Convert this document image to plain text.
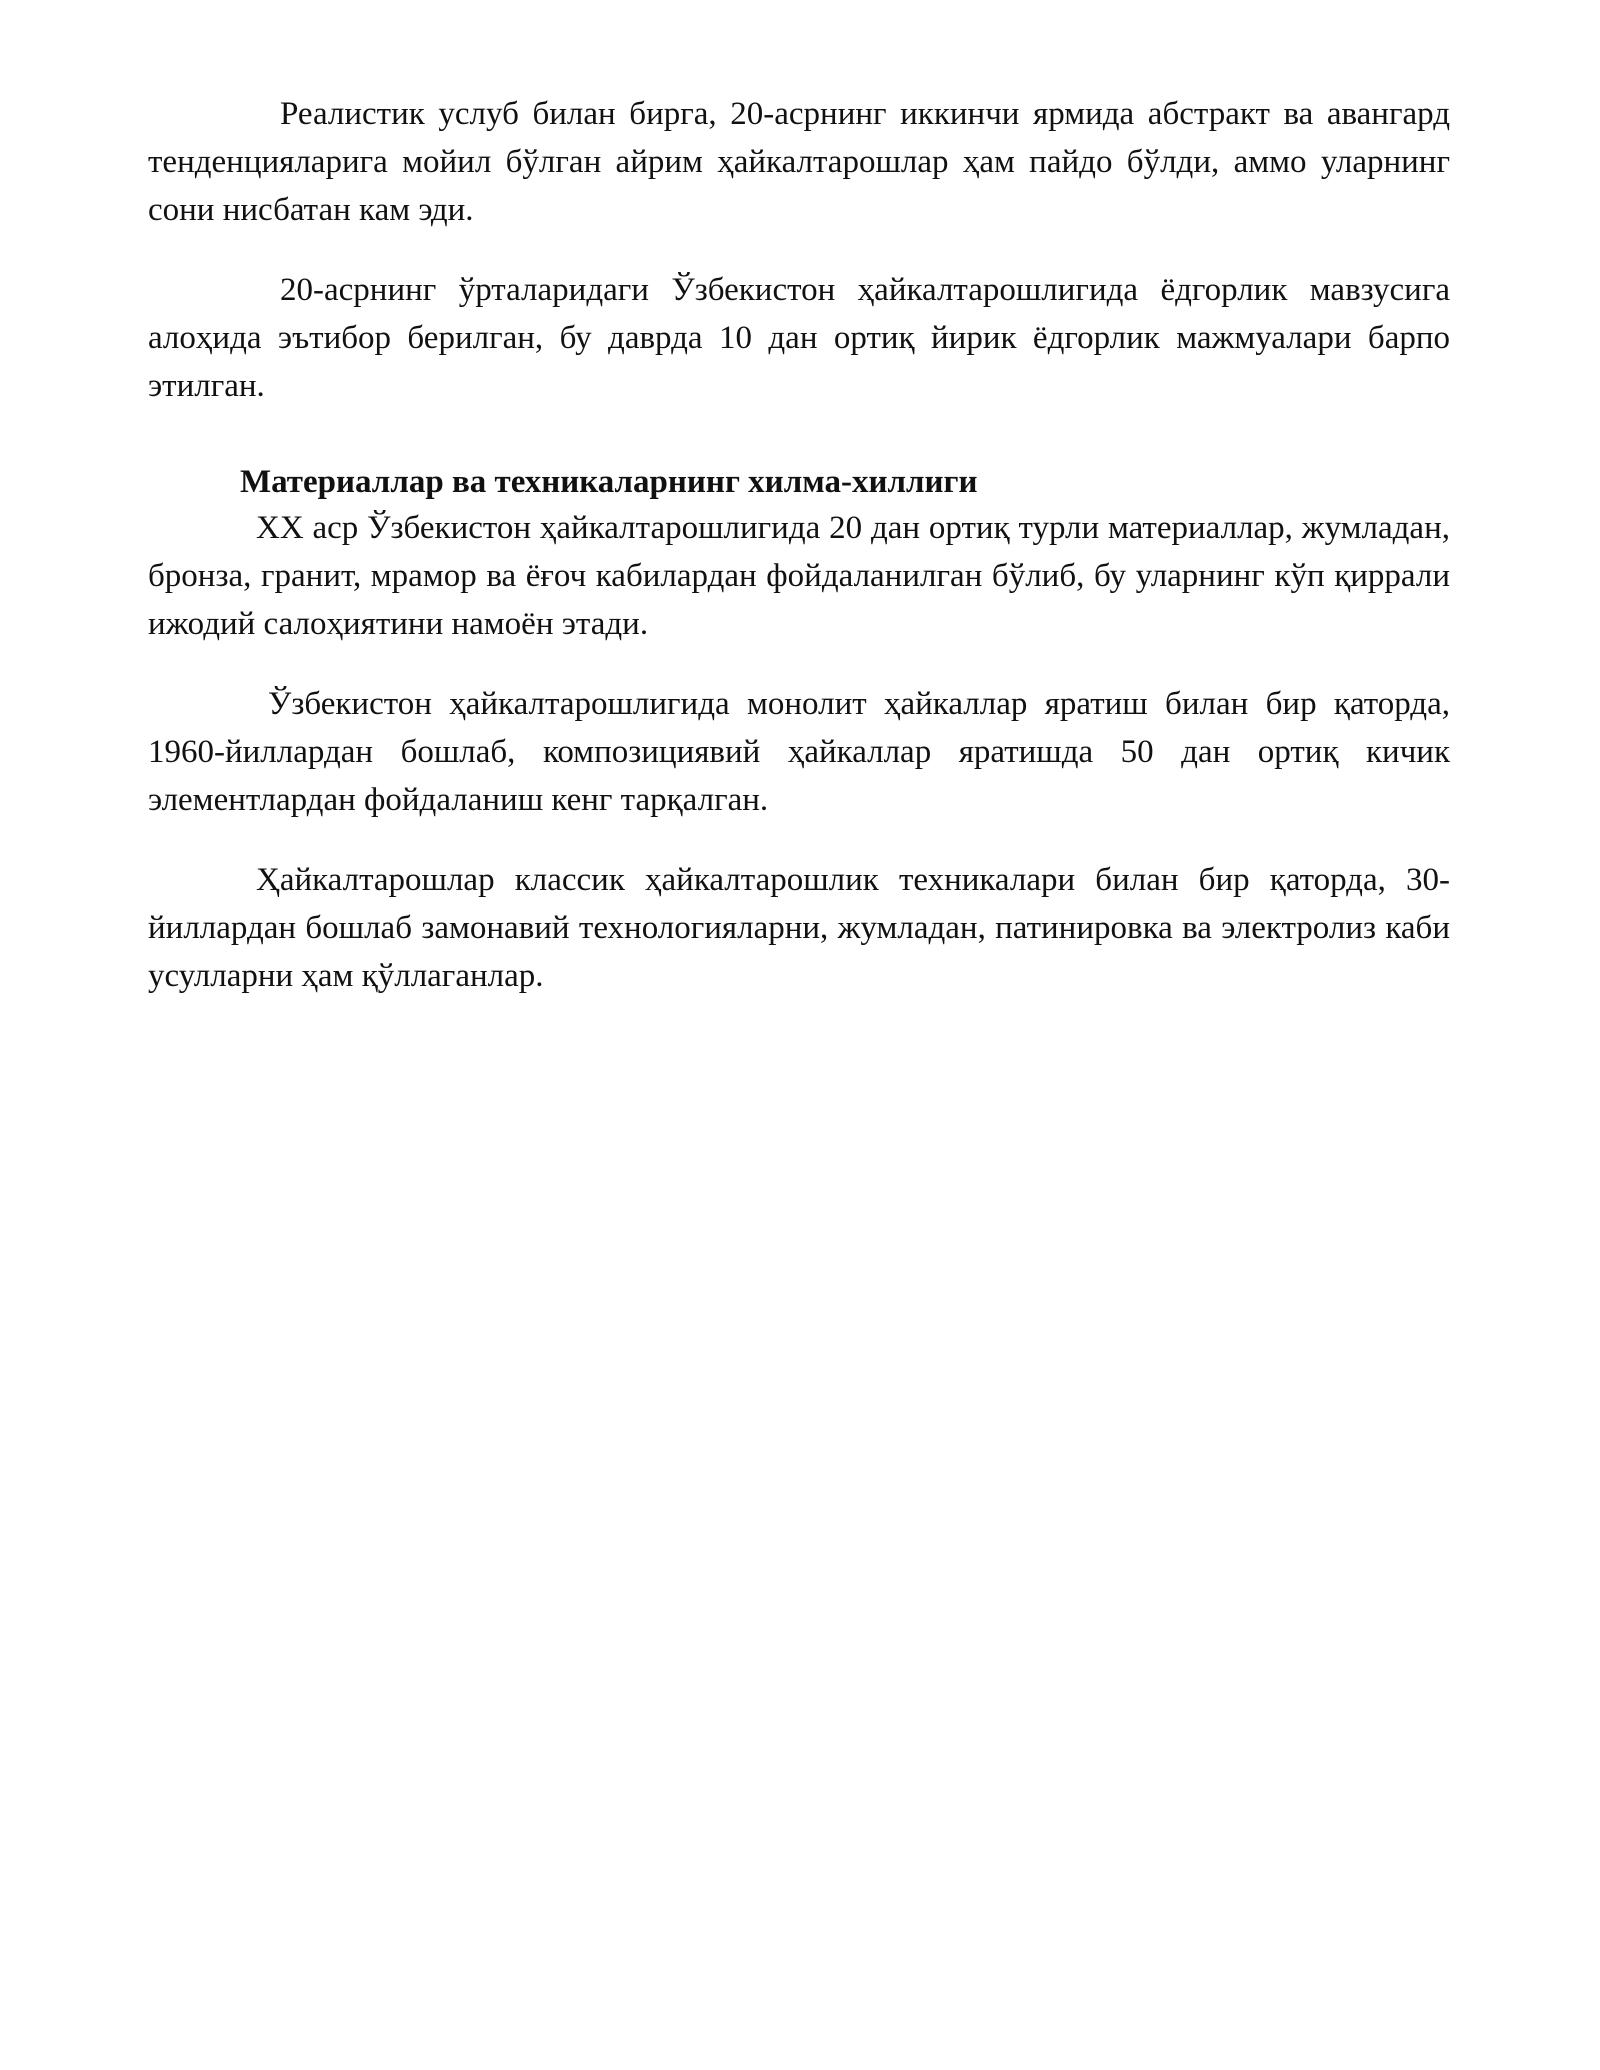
Реалистик услуб билан бирга, 20-асрнинг иккинчи ярмида абстракт ва авангард тенденцияларига мойил бўлган айрим ҳайкалтарошлар ҳам пайдо бўлди, аммо уларнинг сони нисбатан кам эди.

20-асрнинг ўрталаридаги Ўзбекистон ҳайкалтарошлигида ёдгорлик мавзусига алоҳида эътибор берилган, бу даврда 10 дан ортиқ йирик ёдгорлик мажмуалари барпо этилган.

Материаллар ва техникаларнинг хилма-хиллиги

ХХ аср Ўзбекистон ҳайкалтарошлигида 20 дан ортиқ турли материаллар, жумладан, бронза, гранит, мрамор ва ёғоч кабилардан фойдаланилган бўлиб, бу уларнинг кўп қиррали ижодий салоҳиятини намоён этади.

Ўзбекистон ҳайкалтарошлигида монолит ҳайкаллар яратиш билан бир қаторда, 1960-йиллардан бошлаб, композициявий ҳайкаллар яратишда 50 дан ортиқ кичик элементлардан фойдаланиш кенг тарқалган.

Ҳайкалтарошлар классик ҳайкалтарошлик техникалари билан бир қаторда, 30-йиллардан бошлаб замонавий технологияларни, жумладан, патинировка ва электролиз каби усулларни ҳам қўллаганлар.
